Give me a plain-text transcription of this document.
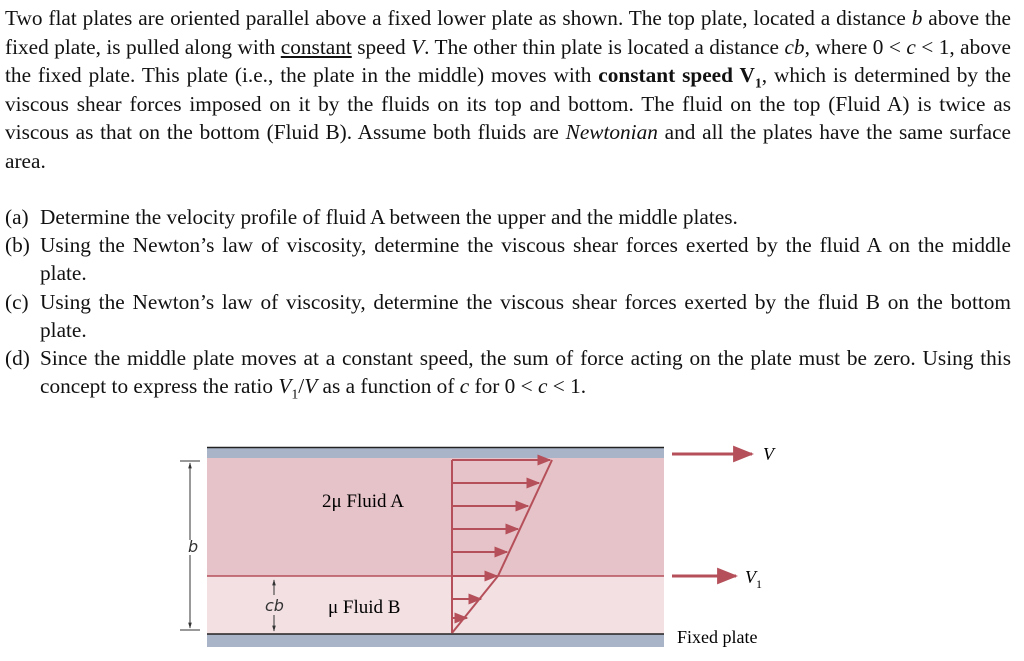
Two flat plates are oriented parallel above a fixed lower plate as shown. The top plate, located a distance b above the fixed plate, is pulled along with constant speed V. The other thin plate is located a distance cb, where 0 < c < 1, above the fixed plate. This plate (i.e., the plate in the middle) moves with constant speed $V_1$, which is determined by the viscous shear forces imposed on it by the fluids on its top and bottom. The fluid on the top (Fluid A) is twice as viscous as that on the bottom (Fluid B). Assume both fluids are Newtonian and all the plates have the same surface area.

(a) Determine the velocity profile of fluid A between the upper and the middle plates.
(b) Using the Newton’s law of viscosity, determine the viscous shear forces exerted by the fluid A on the middle plate.
(c) Using the Newton’s law of viscosity, determine the viscous shear forces exerted by the fluid B on the bottom plate.
(d) Since the middle plate moves at a constant speed, the sum of force acting on the plate must be zero. Using this concept to express the ratio $V_1/V$ as a function of c for 0 < c < 1.
V
$V_1$
2μ Fluid A
μ Fluid B
b
cb
Fixed plate
